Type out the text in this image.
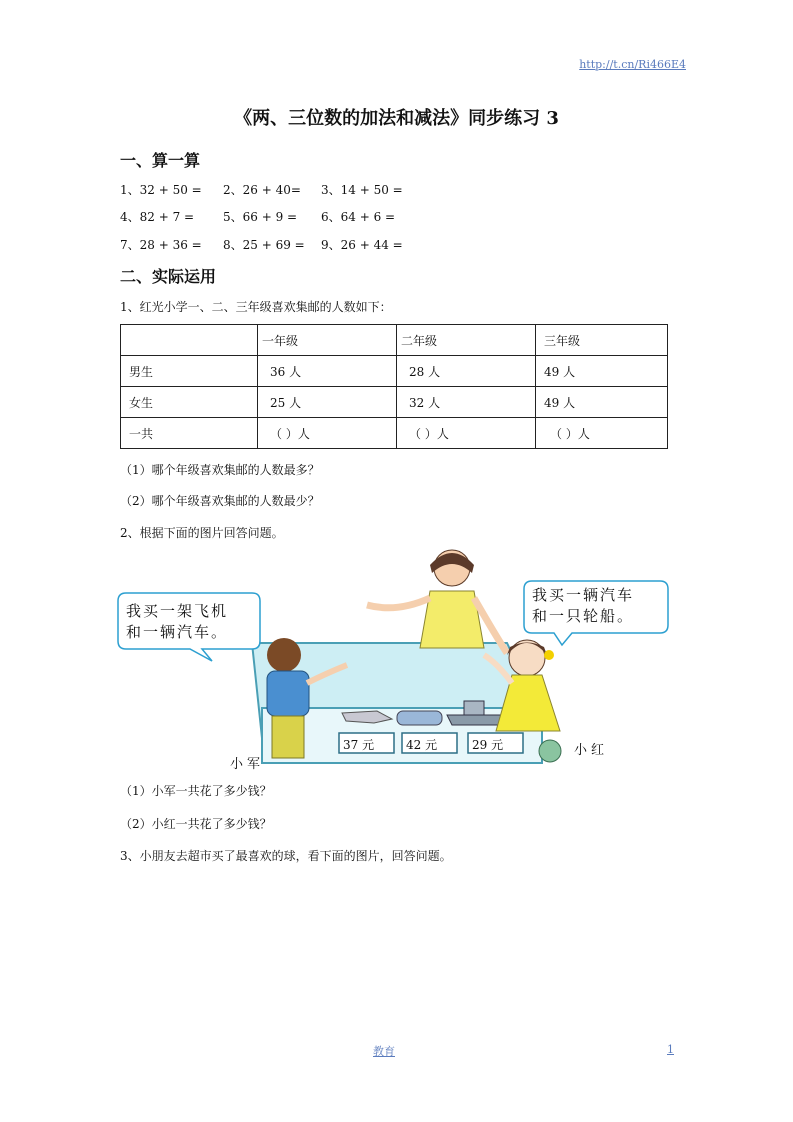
http://t.cn/Ri466E4
《两、三位数的加法和减法》同步练习 3
一、算一算
1、32 + 50 = 2、26 + 40= 3、14 + 50 =
4、82 + 7 = 5、66 + 9 = 6、64 + 6 =
7、28 + 36 = 8、25 + 69 = 9、26 + 44 =
二、实际运用
1、红光小学一、二、三年级喜欢集邮的人数如下：
	一年级	二年级	三年级
男生	36 人	28 人	49 人
女生	25 人	32 人	49 人
一共	（ ）人	（ ）人	（ ）人
（1）哪个年级喜欢集邮的人数最多？
（2）哪个年级喜欢集邮的人数最少？
2、根据下面的图片回答问题。
我买一架飞机
和一辆汽车。
我买一辆汽车
和一只轮船。
37 元	42 元	29 元
小军
小红
（1）小军一共花了多少钱？
（2）小红一共花了多少钱？
3、小朋友去超市买了最喜欢的球，看下面的图片，回答问题。
教育	1
